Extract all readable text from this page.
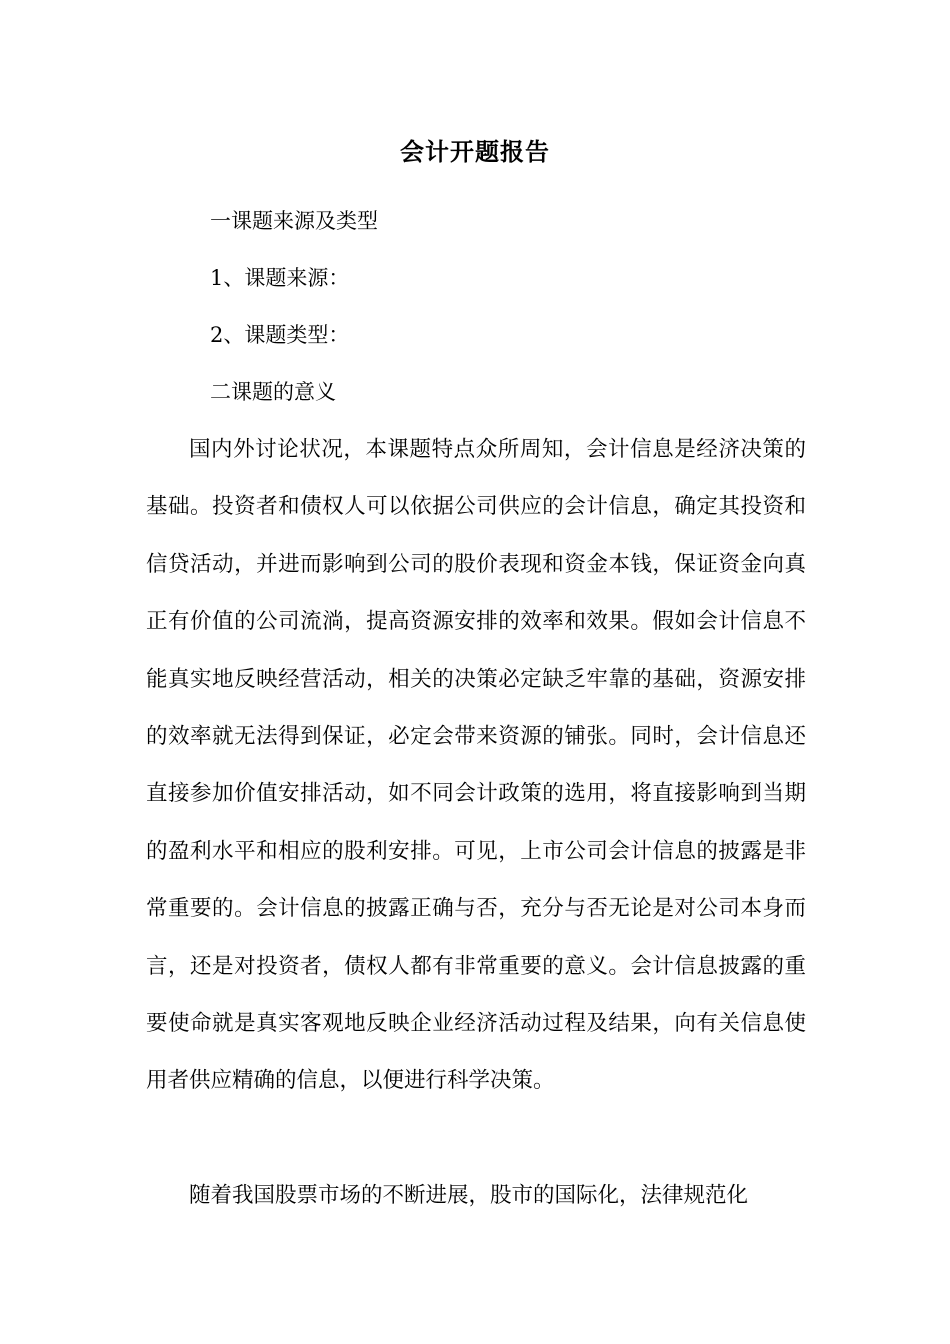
会计开题报告
一课题来源及类型
1、课题来源：
2、课题类型：
二课题的意义

国内外讨论状况，本课题特点众所周知，会计信息是经济决策的基础。投资者和债权人可以依据公司供应的会计信息，确定其投资和信贷活动，并进而影响到公司的股价表现和资金本钱，保证资金向真正有价值的公司流淌，提高资源安排的效率和效果。假如会计信息不能真实地反映经营活动，相关的决策必定缺乏牢靠的基础，资源安排的效率就无法得到保证，必定会带来资源的铺张。同时，会计信息还直接参加价值安排活动，如不同会计政策的选用，将直接影响到当期的盈利水平和相应的股利安排。可见，上市公司会计信息的披露是非常重要的。会计信息的披露正确与否，充分与否无论是对公司本身而言，还是对投资者，债权人都有非常重要的意义。会计信息披露的重要使命就是真实客观地反映企业经济活动过程及结果，向有关信息使用者供应精确的信息，以便进行科学决策。

随着我国股票市场的不断进展，股市的国际化，法律规范化
